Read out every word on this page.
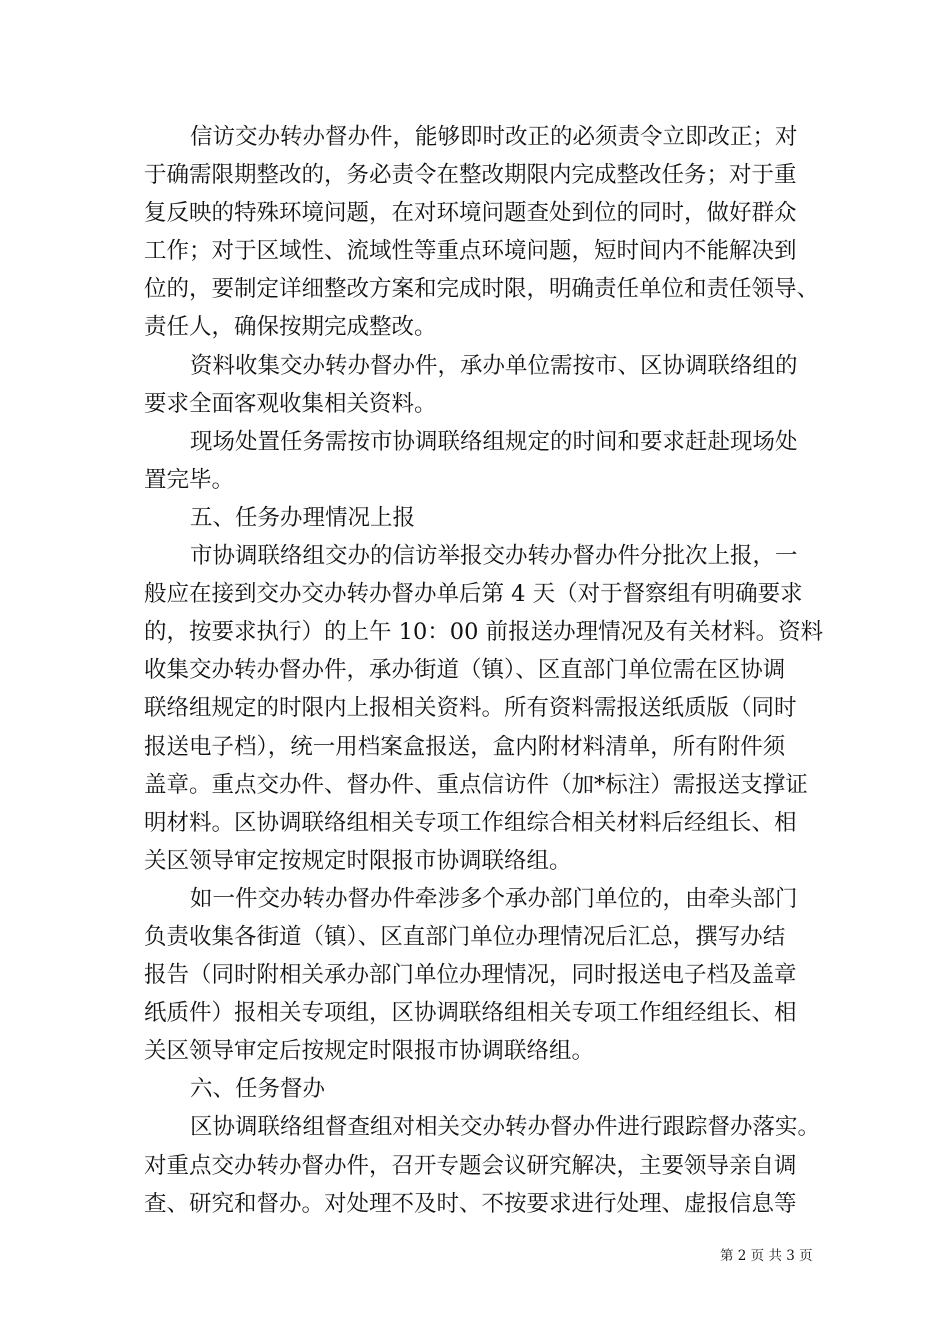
信访交办转办督办件，能够即时改正的必须责令立即改正；对
于确需限期整改的，务必责令在整改期限内完成整改任务；对于重
复反映的特殊环境问题，在对环境问题查处到位的同时，做好群众
工作；对于区域性、流域性等重点环境问题，短时间内不能解决到
位的，要制定详细整改方案和完成时限，明确责任单位和责任领导、
责任人，确保按期完成整改。
资料收集交办转办督办件，承办单位需按市、区协调联络组的
要求全面客观收集相关资料。
现场处置任务需按市协调联络组规定的时间和要求赶赴现场处
置完毕。
五、任务办理情况上报
市协调联络组交办的信访举报交办转办督办件分批次上报，一
般应在接到交办交办转办督办单后第 4 天（对于督察组有明确要求
的，按要求执行）的上午 10：00 前报送办理情况及有关材料。资料
收集交办转办督办件，承办街道（镇）、区直部门单位需在区协调
联络组规定的时限内上报相关资料。所有资料需报送纸质版（同时
报送电子档），统一用档案盒报送，盒内附材料清单，所有附件须
盖章。重点交办件、督办件、重点信访件（加*标注）需报送支撑证
明材料。区协调联络组相关专项工作组综合相关材料后经组长、相
关区领导审定按规定时限报市协调联络组。
如一件交办转办督办件牵涉多个承办部门单位的，由牵头部门
负责收集各街道（镇）、区直部门单位办理情况后汇总，撰写办结
报告（同时附相关承办部门单位办理情况，同时报送电子档及盖章
纸质件）报相关专项组，区协调联络组相关专项工作组经组长、相
关区领导审定后按规定时限报市协调联络组。
六、任务督办
区协调联络组督查组对相关交办转办督办件进行跟踪督办落实。
对重点交办转办督办件，召开专题会议研究解决，主要领导亲自调
查、研究和督办。对处理不及时、不按要求进行处理、虚报信息等
第 2 页 共 3 页
